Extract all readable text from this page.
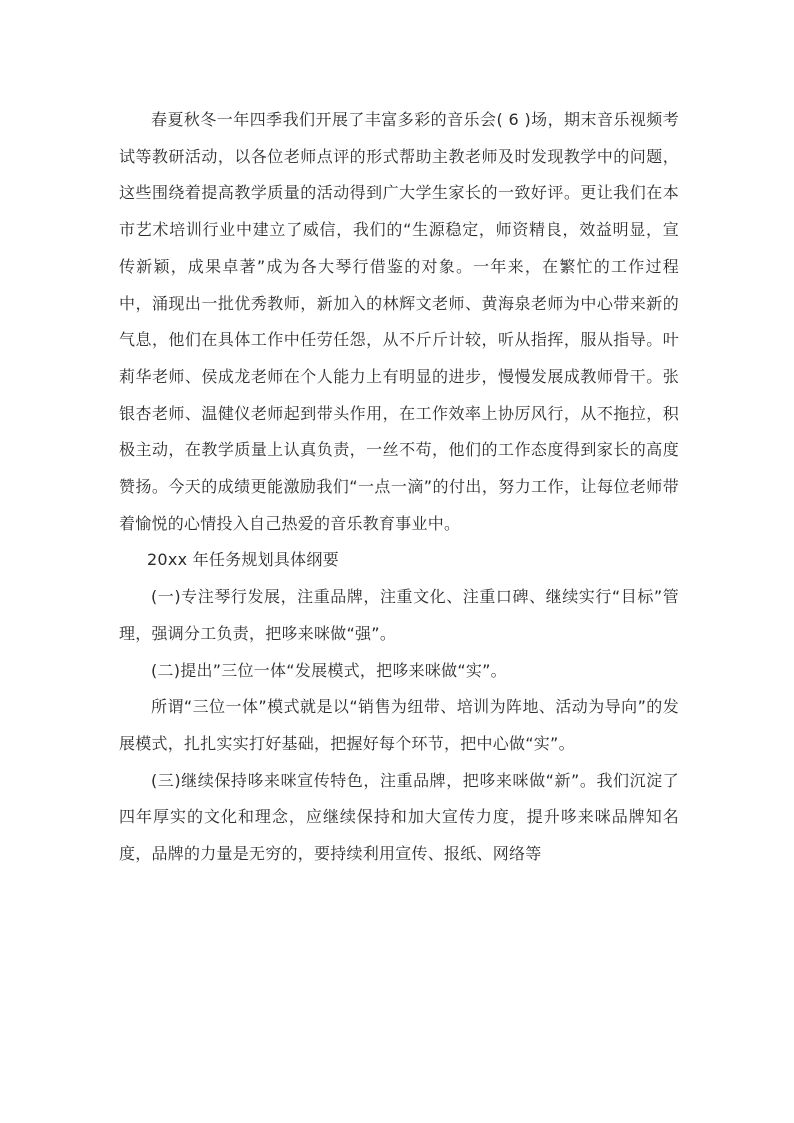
春夏秋冬一年四季我们开展了丰富多彩的音乐会( 6 )场，期末音乐视频考试等教研活动，以各位老师点评的形式帮助主教老师及时发现教学中的问题，这些围绕着提高教学质量的活动得到广大学生家长的一致好评。更让我们在本市艺术培训行业中建立了威信，我们的“生源稳定，师资精良，效益明显，宣传新颖，成果卓著”成为各大琴行借鉴的对象。一年来，在繁忙的工作过程中，涌现出一批优秀教师，新加入的林辉文老师、黄海泉老师为中心带来新的气息，他们在具体工作中任劳任怨，从不斤斤计较，听从指挥，服从指导。叶莉华老师、侯成龙老师在个人能力上有明显的进步，慢慢发展成教师骨干。张银杏老师、温健仪老师起到带头作用，在工作效率上协厉风行，从不拖拉，积极主动，在教学质量上认真负责，一丝不苟，他们的工作态度得到家长的高度赞扬。今天的成绩更能激励我们“一点一滴”的付出，努力工作，让每位老师带着愉悦的心情投入自己热爱的音乐教育事业中。

20xx 年任务规划具体纲要

(一)专注琴行发展，注重品牌，注重文化、注重口碑、继续实行“目标”管理，强调分工负责，把哆来咪做“强”。

(二)提出”三位一体“发展模式，把哆来咪做“实”。

所谓“三位一体”模式就是以“销售为纽带、培训为阵地、活动为导向”的发展模式，扎扎实实打好基础，把握好每个环节，把中心做“实”。

(三)继续保持哆来咪宣传特色，注重品牌，把哆来咪做“新”。我们沉淀了四年厚实的文化和理念，应继续保持和加大宣传力度，提升哆来咪品牌知名度，品牌的力量是无穷的，要持续利用宣传、报纸、网络等
